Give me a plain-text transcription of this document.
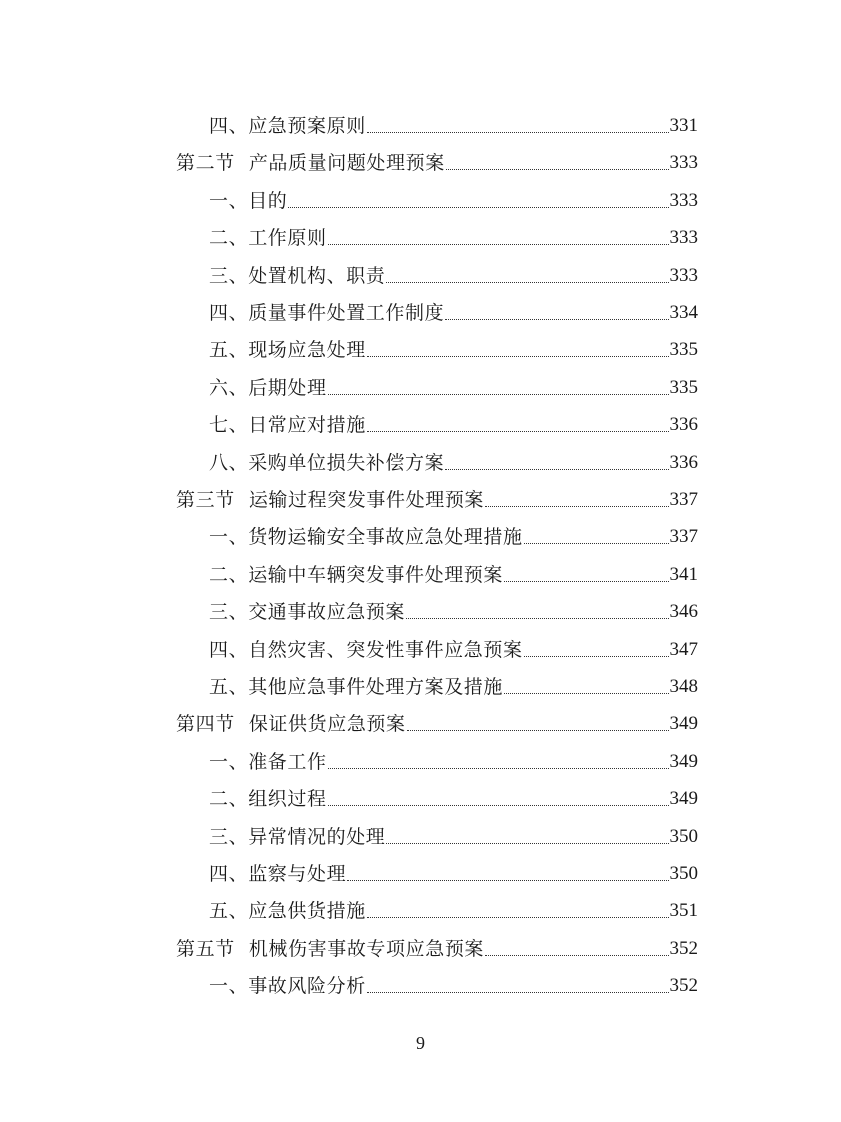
四、应急预案原则	331
第二节 产品质量问题处理预案	333
一、目的	333
二、工作原则	333
三、处置机构、职责	333
四、质量事件处置工作制度	334
五、现场应急处理	335
六、后期处理	335
七、日常应对措施	336
八、采购单位损失补偿方案	336
第三节 运输过程突发事件处理预案	337
一、货物运输安全事故应急处理措施	337
二、运输中车辆突发事件处理预案	341
三、交通事故应急预案	346
四、自然灾害、突发性事件应急预案	347
五、其他应急事件处理方案及措施	348
第四节 保证供货应急预案	349
一、准备工作	349
二、组织过程	349
三、异常情况的处理	350
四、监察与处理	350
五、应急供货措施	351
第五节 机械伤害事故专项应急预案	352
一、事故风险分析	352
9
